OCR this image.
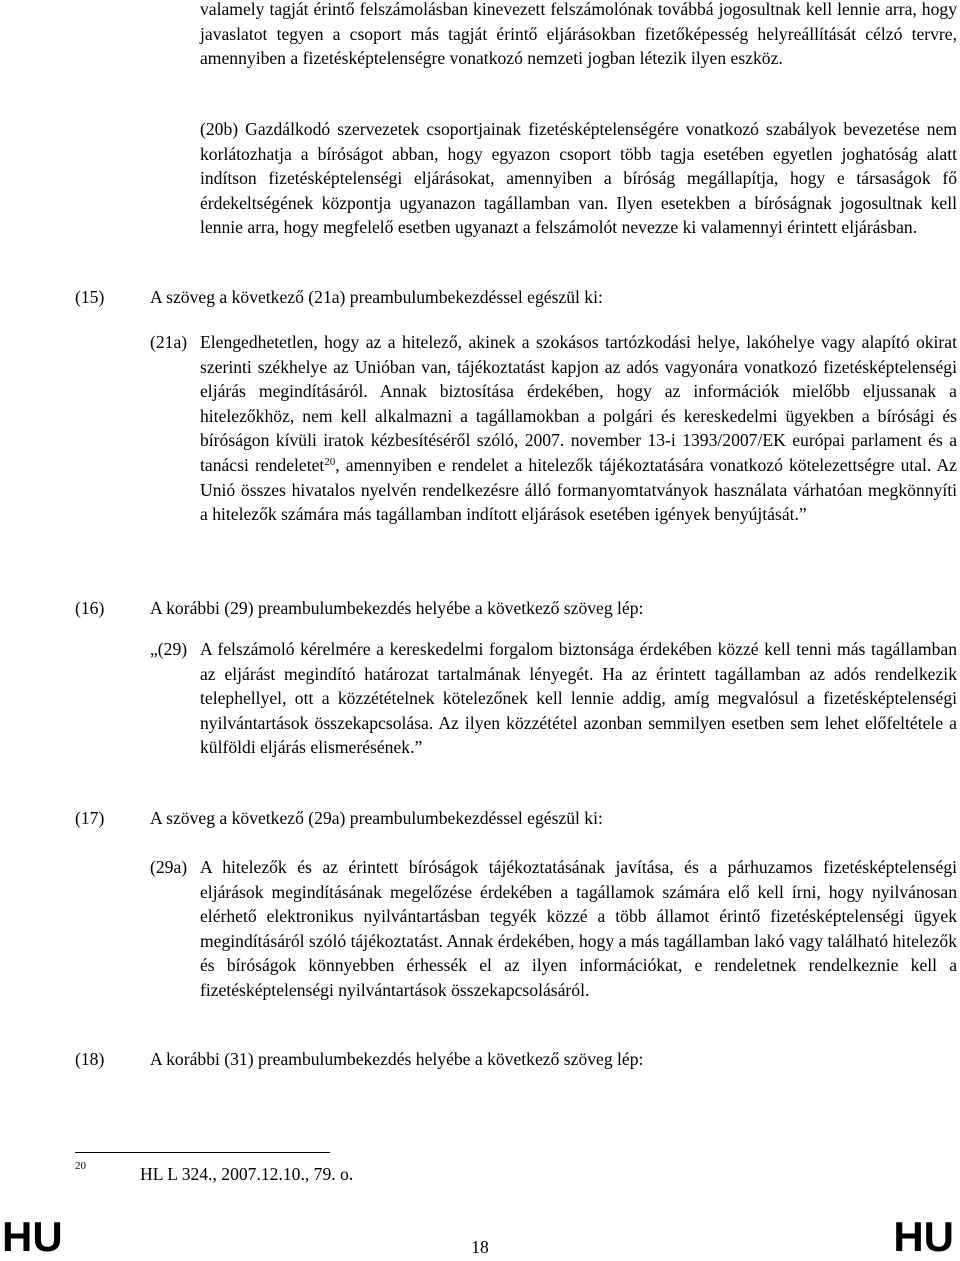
valamely tagját érintő felszámolásban kinevezett felszámolónak továbbá jogosultnak kell lennie arra, hogy javaslatot tegyen a csoport más tagját érintő eljárásokban fizetőképesség helyreállítását célzó tervre, amennyiben a fizetésképtelenségre vonatkozó nemzeti jogban létezik ilyen eszköz.

(20b) Gazdálkodó szervezetek csoportjainak fizetésképtelenségére vonatkozó szabályok bevezetése nem korlátozhatja a bíróságot abban, hogy egyazon csoport több tagja esetében egyetlen joghatóság alatt indítson fizetésképtelenségi eljárásokat, amennyiben a bíróság megállapítja, hogy e társaságok fő érdekeltségének központja ugyanazon tagállamban van. Ilyen esetekben a bíróságnak jogosultnak kell lennie arra, hogy megfelelő esetben ugyanazt a felszámolót nevezze ki valamennyi érintett eljárásban.

(15)	A szöveg a következő (21a) preambulumbekezdéssel egészül ki:
(21a) Elengedhetetlen, hogy az a hitelező, akinek a szokásos tartózkodási helye, lakóhelye vagy alapító okirat szerinti székhelye az Unióban van, tájékoztatást kapjon az adós vagyonára vonatkozó fizetésképtelenségi eljárás megindításáról. Annak biztosítása érdekében, hogy az információk mielőbb eljussanak a hitelezőkhöz, nem kell alkalmazni a tagállamokban a polgári és kereskedelmi ügyekben a bírósági és bíróságon kívüli iratok kézbesítéséről szóló, 2007. november 13-i 1393/2007/EK európai parlament és a tanácsi rendeletet$^{20}$, amennyiben e rendelet a hitelezők tájékoztatására vonatkozó kötelezettségre utal. Az Unió összes hivatalos nyelvén rendelkezésre álló formanyomtatványok használata várhatóan megkönnyíti a hitelezők számára más tagállamban indított eljárások esetében igények benyújtását.”

(16)	A korábbi (29) preambulumbekezdés helyébe a következő szöveg lép:
„(29) A felszámoló kérelmére a kereskedelmi forgalom biztonsága érdekében közzé kell tenni más tagállamban az eljárást megindító határozat tartalmának lényegét. Ha az érintett tagállamban az adós rendelkezik telephellyel, ott a közzétételnek kötelezőnek kell lennie addig, amíg megvalósul a fizetésképtelenségi nyilvántartások összekapcsolása. Az ilyen közzététel azonban semmilyen esetben sem lehet előfeltétele a külföldi eljárás elismerésének.”

(17)	A szöveg a következő (29a) preambulumbekezdéssel egészül ki:
(29a) A hitelezők és az érintett bíróságok tájékoztatásának javítása, és a párhuzamos fizetésképtelenségi eljárások megindításának megelőzése érdekében a tagállamok számára elő kell írni, hogy nyilvánosan elérhető elektronikus nyilvántartásban tegyék közzé a több államot érintő fizetésképtelenségi ügyek megindításáról szóló tájékoztatást. Annak érdekében, hogy a más tagállamban lakó vagy található hitelezők és bíróságok könnyebben érhessék el az ilyen információkat, e rendeletnek rendelkeznie kell a fizetésképtelenségi nyilvántartások összekapcsolásáról.

(18)	A korábbi (31) preambulumbekezdés helyébe a következő szöveg lép:
20	HL L 324., 2007.12.10., 79. o.
HU	18	HU
